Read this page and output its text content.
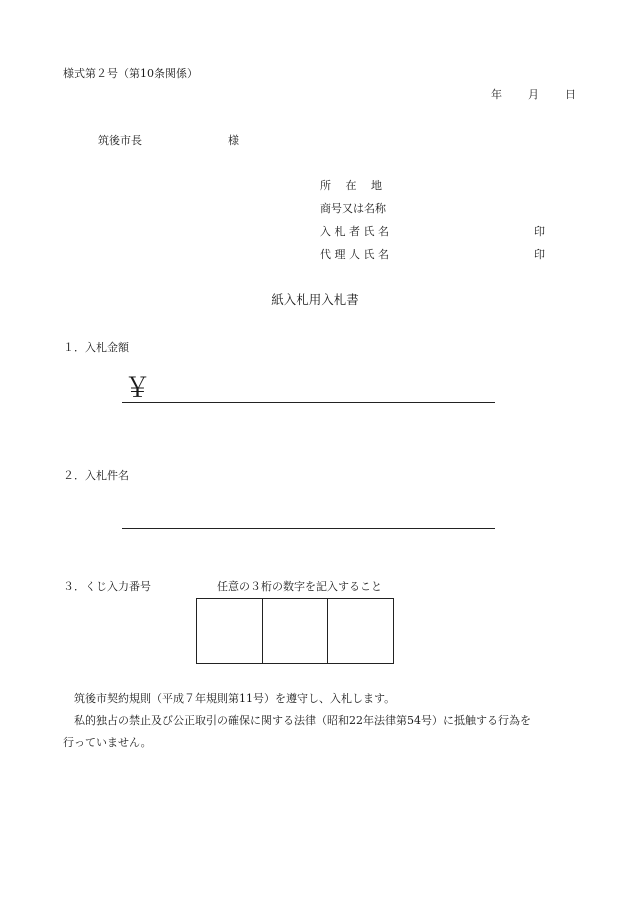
様式第２号（第10条関係）
年 月 日
筑後市長	様
所　 在　 地
商号又は名称
入 札 者 氏 名	印
代 理 人 氏 名	印
紙入札用入札書
１．入札金額
￥
２．入札件名
３．くじ入力番号	任意の３桁の数字を記入すること
筑後市契約規則（平成７年規則第11号）を遵守し、入札します。
私的独占の禁止及び公正取引の確保に関する法律（昭和22年法律第54号）に抵触する行為を
行っていません。
